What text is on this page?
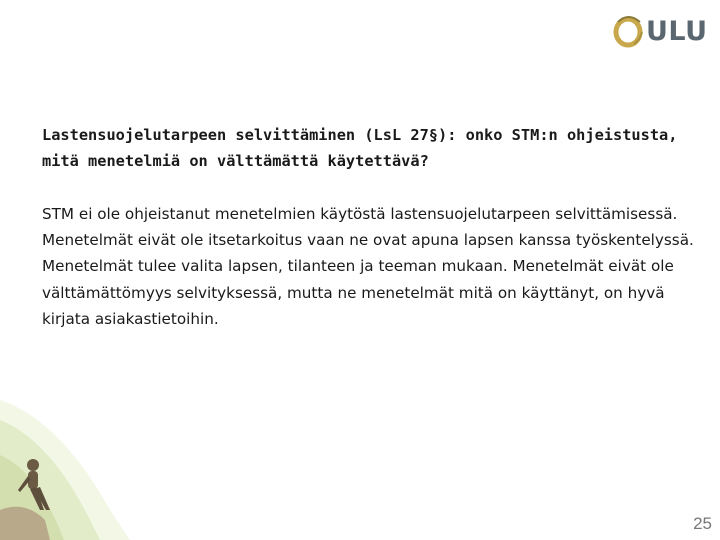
ULU
Lastensuojelutarpeen selvittäminen (LsL 27§): onko STM:n ohjeistusta, mitä menetelmiä on välttämättä käytettävä?
STM ei ole ohjeistanut menetelmien käytöstä lastensuojelutarpeen selvittämisessä. Menetelmät eivät ole itsetarkoitus vaan ne ovat apuna lapsen kanssa työskentelyssä. Menetelmät tulee valita lapsen, tilanteen ja teeman mukaan. Menetelmät eivät ole välttämättömyys selvityksessä, mutta ne menetelmät mitä on käyttänyt, on hyvä kirjata asiakastietoihin.
25
